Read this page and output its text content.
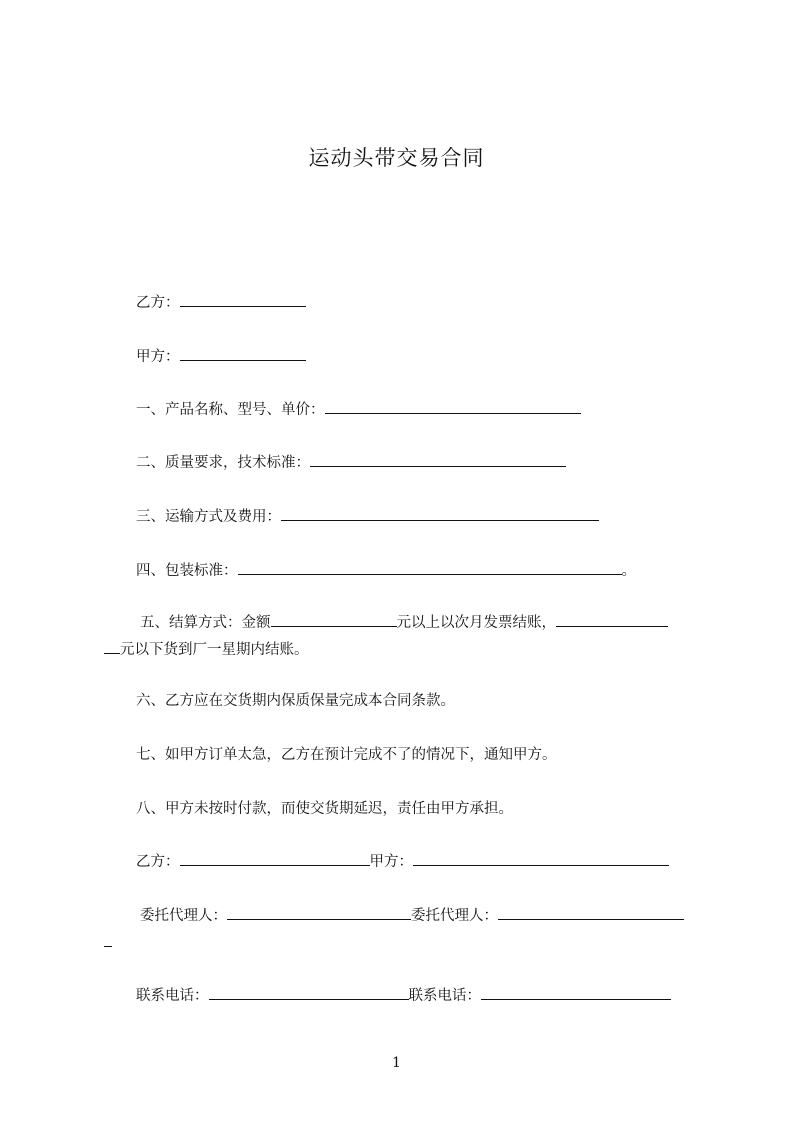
运动头带交易合同
乙方：
甲方：
一、产品名称、型号、单价：
二、质量要求，技术标准：
三、运输方式及费用：
四、包装标准：	。
五、结算方式：金额	元以上以次月发票结账，
元以下货到厂一星期内结账。
六、乙方应在交货期内保质保量完成本合同条款。
七、如甲方订单太急，乙方在预计完成不了的情况下，通知甲方。
八、甲方未按时付款，而使交货期延迟，责任由甲方承担。
乙方：	甲方：
委托代理人：	委托代理人：
联系电话：	联系电话：
1
